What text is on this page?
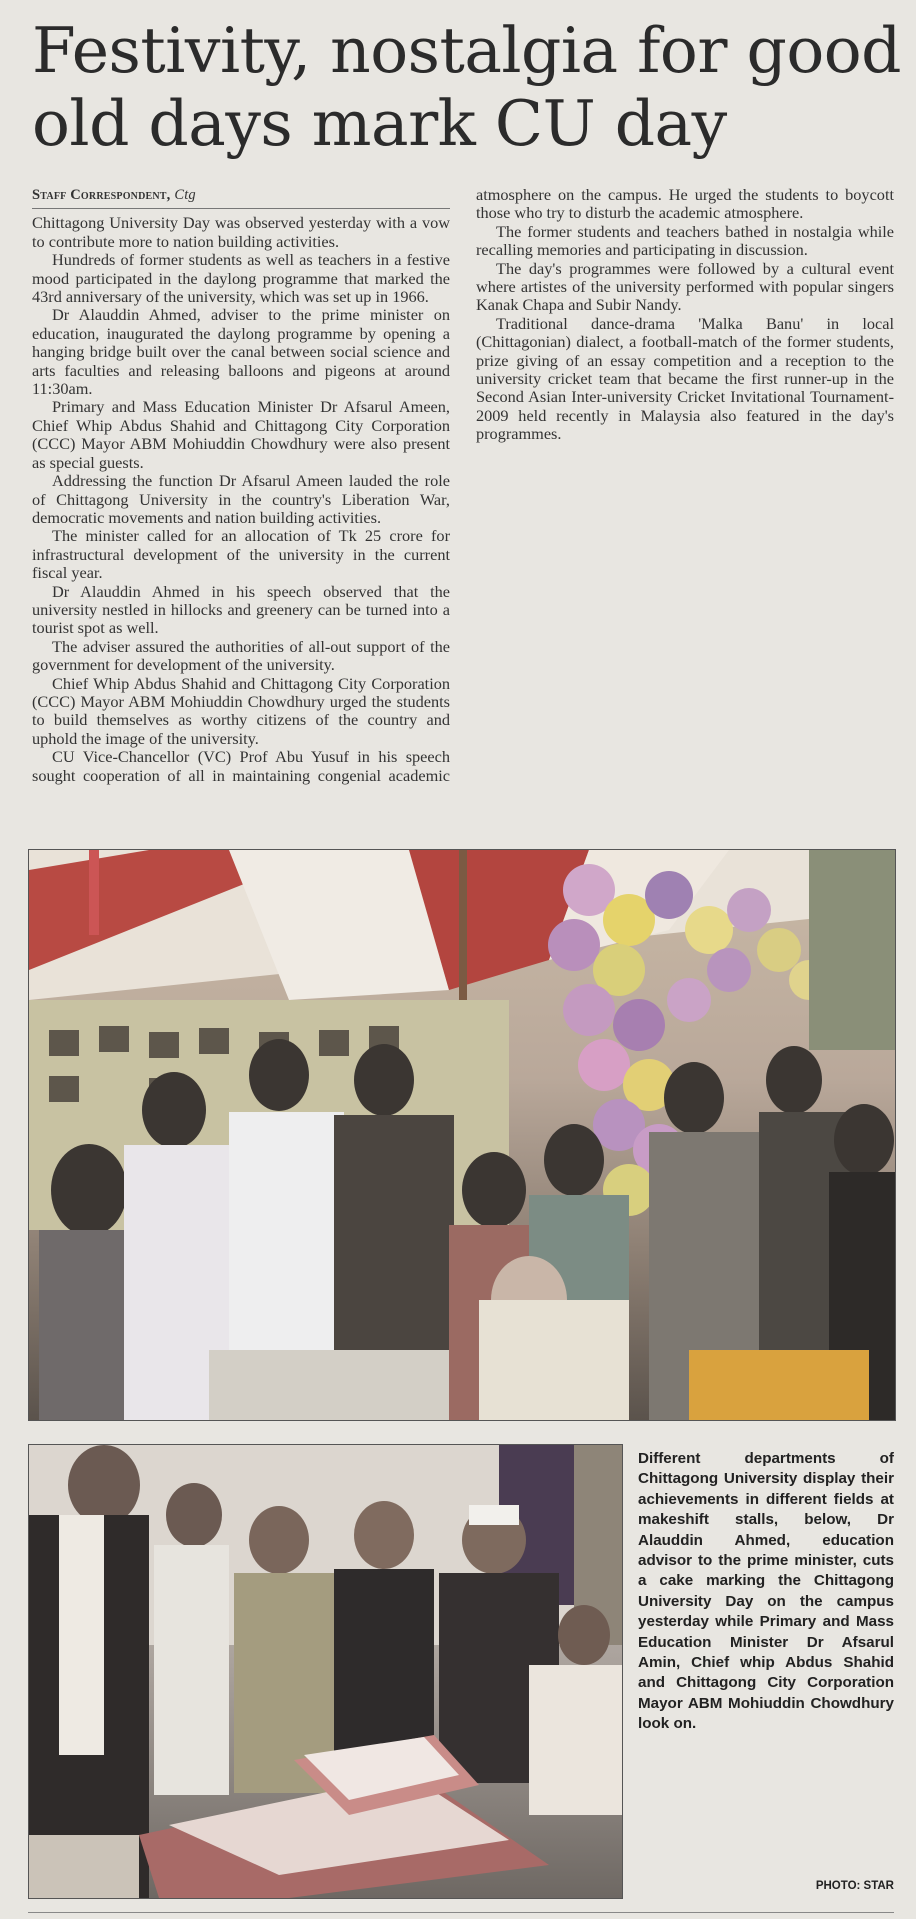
Festivity, nostalgia for good old days mark CU day
Staff Correspondent, Ctg

Chittagong University Day was observed yesterday with a vow to contribute more to nation building activities.

Hundreds of former students as well as teachers in a festive mood participated in the daylong programme that marked the 43rd anniversary of the university, which was set up in 1966.

Dr Alauddin Ahmed, adviser to the prime minister on education, inaugurated the daylong programme by opening a hanging bridge built over the canal between social science and arts faculties and releasing balloons and pigeons at around 11:30am.

Primary and Mass Education Minister Dr Afsarul Ameen, Chief Whip Abdus Shahid and Chittagong City Corporation (CCC) Mayor ABM Mohiuddin Chowdhury were also present as special guests.

Addressing the function Dr Afsarul Ameen lauded the role of Chittagong University in the country's Liberation War, democratic movements and nation building activities.

The minister called for an allocation of Tk 25 crore for infrastructural development of the university in the current fiscal year.

Dr Alauddin Ahmed in his speech observed that the university nestled in hillocks and greenery can be turned into a tourist spot as well.

The adviser assured the authorities of all-out support of the government for development of the university.

Chief Whip Abdus Shahid and Chittagong City Corporation (CCC) Mayor ABM Mohiuddin Chowdhury urged the students to build themselves as worthy citizens of the country and uphold the image of the university.

CU Vice-Chancellor (VC) Prof Abu Yusuf in his speech sought cooperation of all in maintaining congenial academic atmosphere on the campus. He urged the students to boycott those who try to disturb the academic atmosphere.

The former students and teachers bathed in nostalgia while recalling memories and participating in discussion.

The day's programmes were followed by a cultural event where artistes of the university performed with popular singers Kanak Chapa and Subir Nandy.

Traditional dance-drama 'Malka Banu' in local (Chittagonian) dialect, a football-match of the former students, prize giving of an essay competition and a reception to the university cricket team that became the first runner-up in the Second Asian Inter-university Cricket Invitational Tournament-2009 held recently in Malaysia also featured in the day's programmes.

Different departments of Chittagong University display their achievements in different fields at makeshift stalls, below, Dr Alauddin Ahmed, education advisor to the prime minister, cuts a cake marking the Chittagong University Day on the campus yesterday while Primary and Mass Education Minister Dr Afsarul Amin, Chief whip Abdus Shahid and Chittagong City Corporation Mayor ABM Mohiuddin Chowdhury look on.
PHOTO: STAR
